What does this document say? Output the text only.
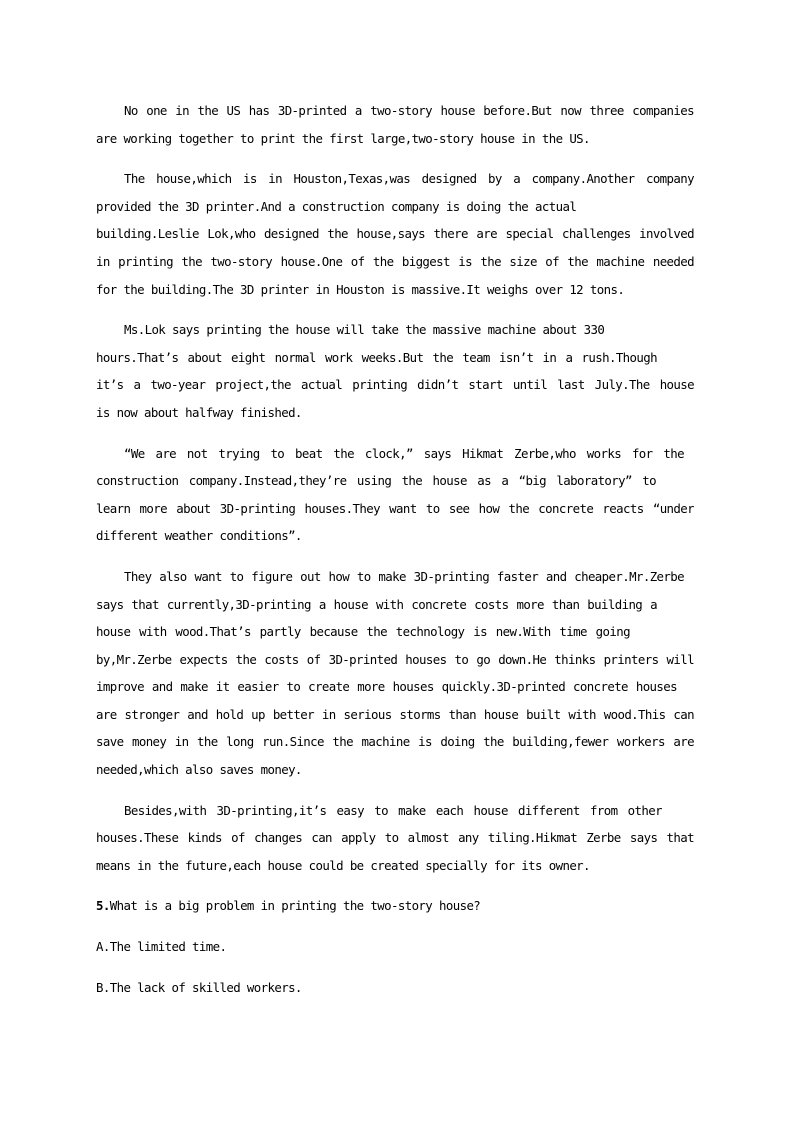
No one in the US has 3D-printed a two-story house before.But now three companies
are working together to print the first large,two-story house in the US.
The house,which is in Houston,Texas,was designed by a company.Another company
provided the 3D printer.And a construction company is doing the actual
building.Leslie Lok,who designed the house,says there are special challenges involved
in printing the two-story house.One of the biggest is the size of the machine needed
for the building.The 3D printer in Houston is massive.It weighs over 12 tons.
Ms.Lok says printing the house will take the massive machine about 330
hours.That’s about eight normal work weeks.But the team isn’t in a rush.Though
it’s a two-year project,the actual printing didn’t start until last July.The house
is now about halfway finished.
“We are not trying to beat the clock,” says Hikmat Zerbe,who works for the
construction company.Instead,they’re using the house as a “big laboratory” to
learn more about 3D-printing houses.They want to see how the concrete reacts “under
different weather conditions”.
They also want to figure out how to make 3D-printing faster and cheaper.Mr.Zerbe
says that currently,3D-printing a house with concrete costs more than building a
house with wood.That’s partly because the technology is new.With time going
by,Mr.Zerbe expects the costs of 3D-printed houses to go down.He thinks printers will
improve and make it easier to create more houses quickly.3D-printed concrete houses
are stronger and hold up better in serious storms than house built with wood.This can
save money in the long run.Since the machine is doing the building,fewer workers are
needed,which also saves money.
Besides,with 3D-printing,it’s easy to make each house different from other
houses.These kinds of changes can apply to almost any tiling.Hikmat Zerbe says that
means in the future,each house could be created specially for its owner.
5.What is a big problem in printing the two-story house?
A.The limited time.
B.The lack of skilled workers.
